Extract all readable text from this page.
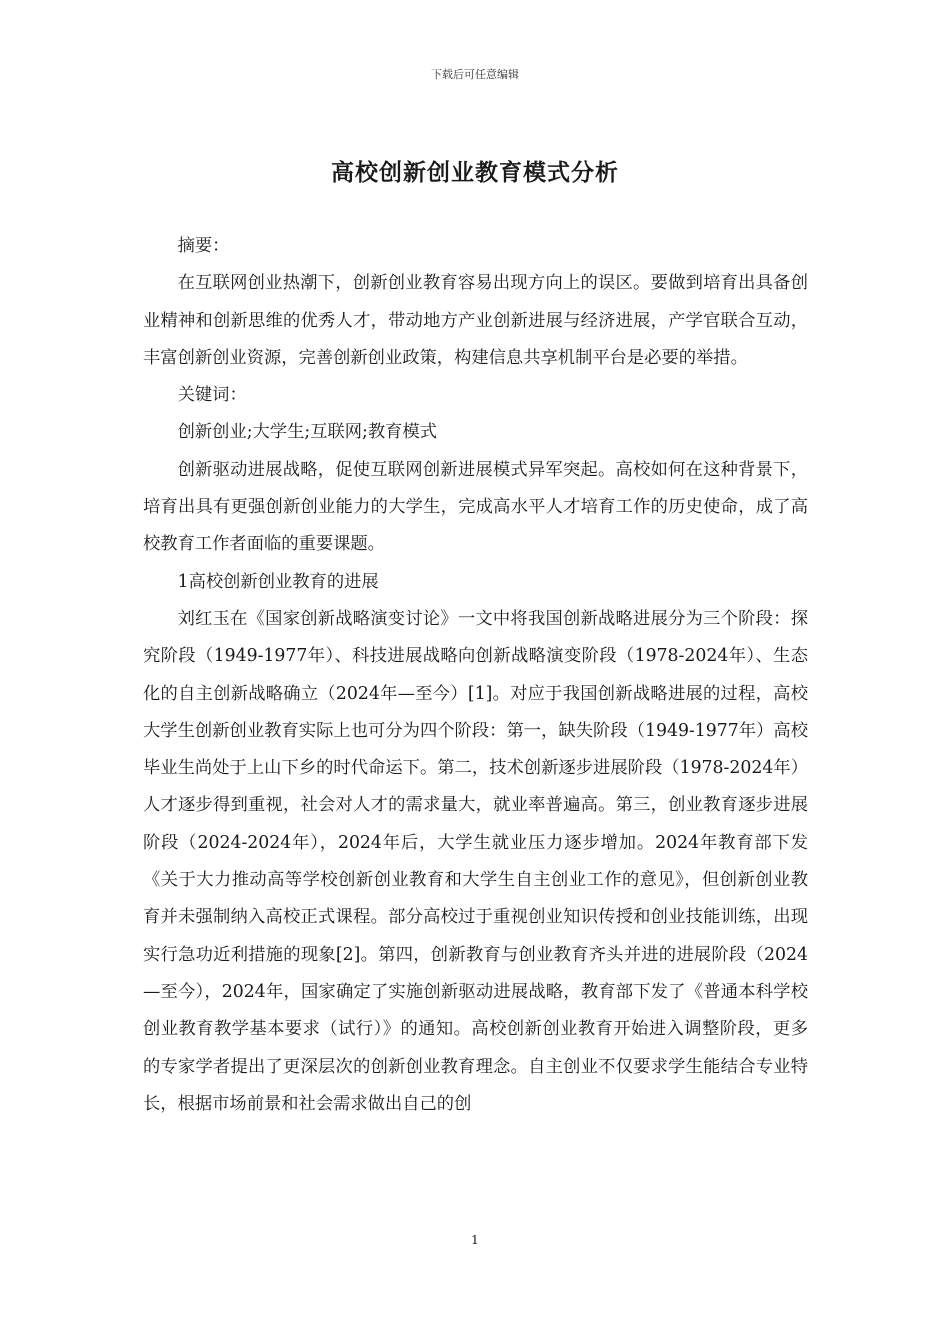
下载后可任意编辑
高校创新创业教育模式分析

摘要：

在互联网创业热潮下，创新创业教育容易出现方向上的误区。要做到培育出具备创业精神和创新思维的优秀人才，带动地方产业创新进展与经济进展，产学官联合互动，丰富创新创业资源，完善创新创业政策，构建信息共享机制平台是必要的举措。

关键词：

创新创业;大学生;互联网;教育模式

创新驱动进展战略，促使互联网创新进展模式异军突起。高校如何在这种背景下，培育出具有更强创新创业能力的大学生，完成高水平人才培育工作的历史使命，成了高校教育工作者面临的重要课题。

1高校创新创业教育的进展

刘红玉在《国家创新战略演变讨论》一文中将我国创新战略进展分为三个阶段：探究阶段（1949-1977年）、科技进展战略向创新战略演变阶段（1978-2024年）、生态化的自主创新战略确立（2024年—至今）[1]。对应于我国创新战略进展的过程，高校大学生创新创业教育实际上也可分为四个阶段：第一，缺失阶段（1949-1977年）高校毕业生尚处于上山下乡的时代命运下。第二，技术创新逐步进展阶段（1978-2024年）人才逐步得到重视，社会对人才的需求量大，就业率普遍高。第三，创业教育逐步进展阶段（2024-2024年），2024年后，大学生就业压力逐步增加。2024年教育部下发《关于大力推动高等学校创新创业教育和大学生自主创业工作的意见》，但创新创业教育并未强制纳入高校正式课程。部分高校过于重视创业知识传授和创业技能训练，出现实行急功近利措施的现象[2]。第四，创新教育与创业教育齐头并进的进展阶段（2024—至今），2024年，国家确定了实施创新驱动进展战略，教育部下发了《普通本科学校创业教育教学基本要求（试行）》的通知。高校创新创业教育开始进入调整阶段，更多的专家学者提出了更深层次的创新创业教育理念。自主创业不仅要求学生能结合专业特长，根据市场前景和社会需求做出自己的创

1
